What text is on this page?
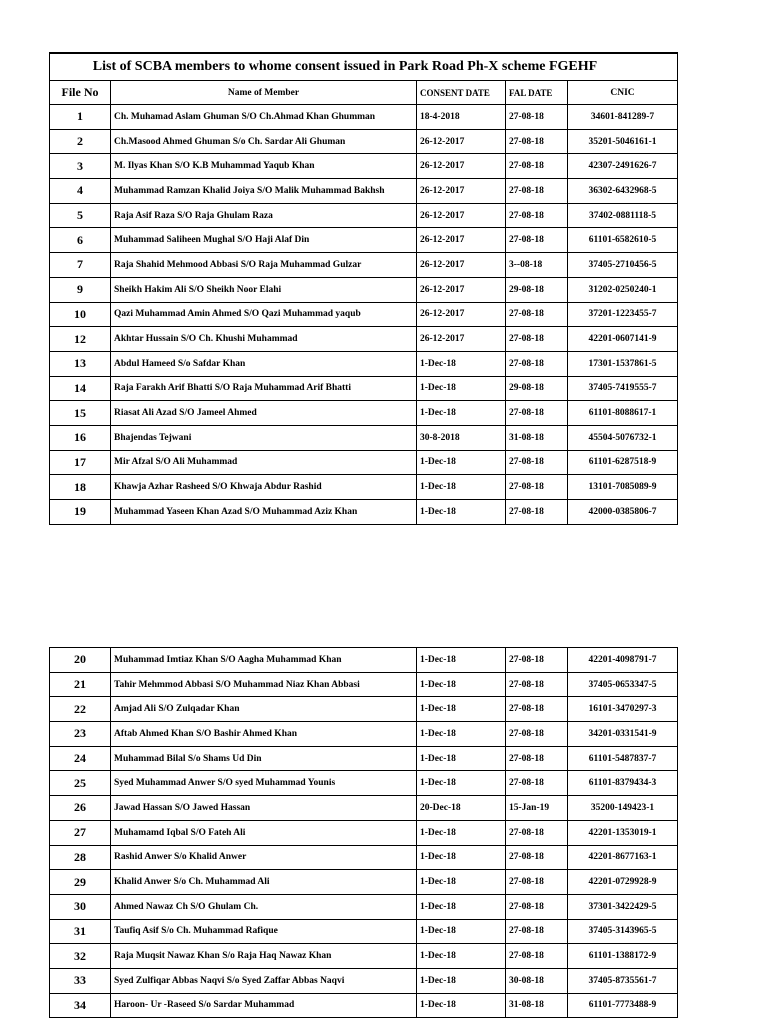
List of SCBA members to whome consent issued in Park Road Ph-X scheme FGEHF				
File No	Name of Member	CONSENT DATE	FAL DATE	CNIC
1	Ch. Muhamad Aslam Ghuman S/O Ch.Ahmad Khan Ghumman	18-4-2018	27-08-18	34601-841289-7
2	Ch.Masood Ahmed Ghuman S/o Ch. Sardar Ali Ghuman	26-12-2017	27-08-18	35201-5046161-1
3	M. Ilyas Khan S/O K.B Muhammad Yaqub Khan	26-12-2017	27-08-18	42307-2491626-7
4	Muhammad Ramzan Khalid Joiya S/O Malik Muhammad Bakhsh	26-12-2017	27-08-18	36302-6432968-5
5	Raja Asif Raza S/O Raja Ghulam Raza	26-12-2017	27-08-18	37402-0881118-5
6	Muhammad Saliheen Mughal S/O Haji Alaf Din	26-12-2017	27-08-18	61101-6582610-5
7	Raja Shahid Mehmood Abbasi S/O Raja Muhammad Gulzar	26-12-2017	3--08-18	37405-2710456-5
9	Sheikh Hakim Ali S/O Sheikh Noor Elahi	26-12-2017	29-08-18	31202-0250240-1
10	Qazi Muhammad Amin Ahmed S/O Qazi Muhammad yaqub	26-12-2017	27-08-18	37201-1223455-7
12	Akhtar Hussain S/O Ch. Khushi Muhammad	26-12-2017	27-08-18	42201-0607141-9
13	Abdul Hameed S/o Safdar Khan	1-Dec-18	27-08-18	17301-1537861-5
14	Raja Farakh Arif Bhatti S/O Raja Muhammad Arif Bhatti	1-Dec-18	29-08-18	37405-7419555-7
15	Riasat Ali Azad S/O Jameel Ahmed	1-Dec-18	27-08-18	61101-8088617-1
16	Bhajendas Tejwani	30-8-2018	31-08-18	45504-5076732-1
17	Mir Afzal S/O Ali Muhammad	1-Dec-18	27-08-18	61101-6287518-9
18	Khawja Azhar Rasheed S/O Khwaja Abdur Rashid	1-Dec-18	27-08-18	13101-7085089-9
19	Muhammad Yaseen Khan Azad S/O Muhammad Aziz Khan	1-Dec-18	27-08-18	42000-0385806-7
20	Muhammad Imtiaz Khan S/O Aagha Muhammad Khan	1-Dec-18	27-08-18	42201-4098791-7
21	Tahir Mehmmod Abbasi S/O Muhammad Niaz Khan Abbasi	1-Dec-18	27-08-18	37405-0653347-5
22	Amjad Ali S/O Zulqadar Khan	1-Dec-18	27-08-18	16101-3470297-3
23	Aftab Ahmed Khan S/O Bashir Ahmed Khan	1-Dec-18	27-08-18	34201-0331541-9
24	Muhammad Bilal S/o Shams Ud Din	1-Dec-18	27-08-18	61101-5487837-7
25	Syed Muhammad Anwer S/O syed Muhammad Younis	1-Dec-18	27-08-18	61101-8379434-3
26	Jawad Hassan S/O Jawed Hassan	20-Dec-18	15-Jan-19	35200-149423-1
27	Muhamamd Iqbal S/O Fateh Ali	1-Dec-18	27-08-18	42201-1353019-1
28	Rashid Anwer S/o Khalid Anwer	1-Dec-18	27-08-18	42201-8677163-1
29	Khalid Anwer S/o Ch. Muhammad Ali	1-Dec-18	27-08-18	42201-0729928-9
30	Ahmed Nawaz Ch S/O Ghulam Ch.	1-Dec-18	27-08-18	37301-3422429-5
31	Taufiq Asif S/o Ch. Muhammad Rafique	1-Dec-18	27-08-18	37405-3143965-5
32	Raja Muqsit Nawaz Khan S/o Raja Haq Nawaz Khan	1-Dec-18	27-08-18	61101-1388172-9
33	Syed Zulfiqar Abbas Naqvi S/o Syed Zaffar Abbas Naqvi	1-Dec-18	30-08-18	37405-8735561-7
34	Haroon- Ur -Raseed S/o Sardar Muhammad	1-Dec-18	31-08-18	61101-7773488-9
